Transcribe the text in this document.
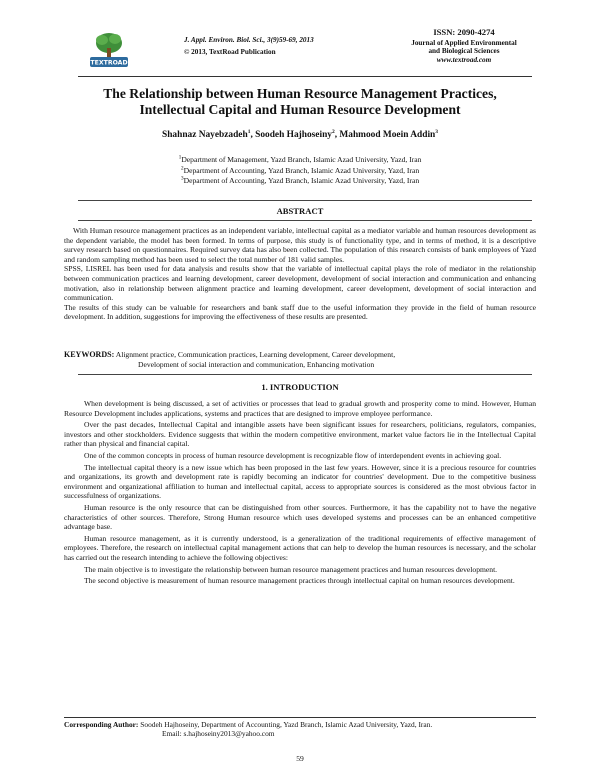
TEXTROAD
J. Appl. Environ. Biol. Sci., 3(9)59-69, 2013
© 2013, TextRoad Publication
ISSN: 2090-4274
Journal of Applied Environmental
and Biological Sciences
www.textroad.com
The Relationship between Human Resource Management Practices,
Intellectual Capital and Human Resource Development
Shahnaz Nayebzadeh$^1$, Soodeh Hajhoseiny$^2$, Mahmood Moein Addin$^3$
$^1$Department of Management, Yazd Branch, Islamic Azad University, Yazd, Iran
$^2$Department of Accounting, Yazd Branch, Islamic Azad University, Yazd, Iran
$^3$Department of Accounting, Yazd Branch, Islamic Azad University, Yazd, Iran
ABSTRACT

With Human resource management practices as an independent variable, intellectual capital as a mediator variable and human resources development as the dependent variable, the model has been formed. In terms of purpose, this study is of functionality type, and in terms of method, it is a descriptive survey research based on questionnaires. Required survey data has also been collected. The population of this research consists of bank employees of Yazd and random sampling method has been used to select the total number of 181 valid samples.

SPSS, LISREL has been used for data analysis and results show that the variable of intellectual capital plays the role of mediator in the relationship between communication practices and learning development, career development, development of social interaction and communication and enhancing motivation, also in relationship between alignment practice and learning development, career development, development of social interaction and communication.

The results of this study can be valuable for researchers and bank staff due to the useful information they provide in the field of human resource development. In addition, suggestions for improving the effectiveness of these results are presented.

KEYWORDS: Alignment practice, Communication practices, Learning development, Career development,
Development of social interaction and communication, Enhancing motivation
1. INTRODUCTION

When development is being discussed, a set of activities or processes that lead to gradual growth and prosperity come to mind. However, Human Resource Development includes applications, systems and practices that are designed to improve employee performance.

Over the past decades, Intellectual Capital and intangible assets have been significant issues for researchers, politicians, regulators, companies, investors and other stockholders. Evidence suggests that within the modern competitive environment, market value factors lie in the Intellectual Capital rather than physical and financial capital.

One of the common concepts in process of human resource development is recognizable flow of interdependent events in achieving goal.

The intellectual capital theory is a new issue which has been proposed in the last few years. However, since it is a precious resource for countries and organizations, its growth and development rate is rapidly becoming an indicator for countries' development. Due to the competitive business environment and organizational affiliation to human and intellectual capital, access to appropriate sources is considered as the most obvious factor in successfulness of organizations.

Human resource is the only resource that can be distinguished from other sources. Furthermore, it has the capability not to have the negative characteristics of other sources. Therefore, Strong Human resource which uses developed systems and processes can be an enhanced competitive advantage base.

Human resource management, as it is currently understood, is a generalization of the traditional requirements of effective management of employees. Therefore, the research on intellectual capital management actions that can help to develop the human resources is necessary, and the scholar has carried out the research intending to achieve the following objectives:

The main objective is to investigate the relationship between human resource management practices and human resources development.

The second objective is measurement of human resource management practices through intellectual capital on human resources development.

Corresponding Author: Soodeh Hajhoseiny, Department of Accounting, Yazd Branch, Islamic Azad University, Yazd, Iran.
Email: s.hajhoseiny2013@yahoo.com
59
